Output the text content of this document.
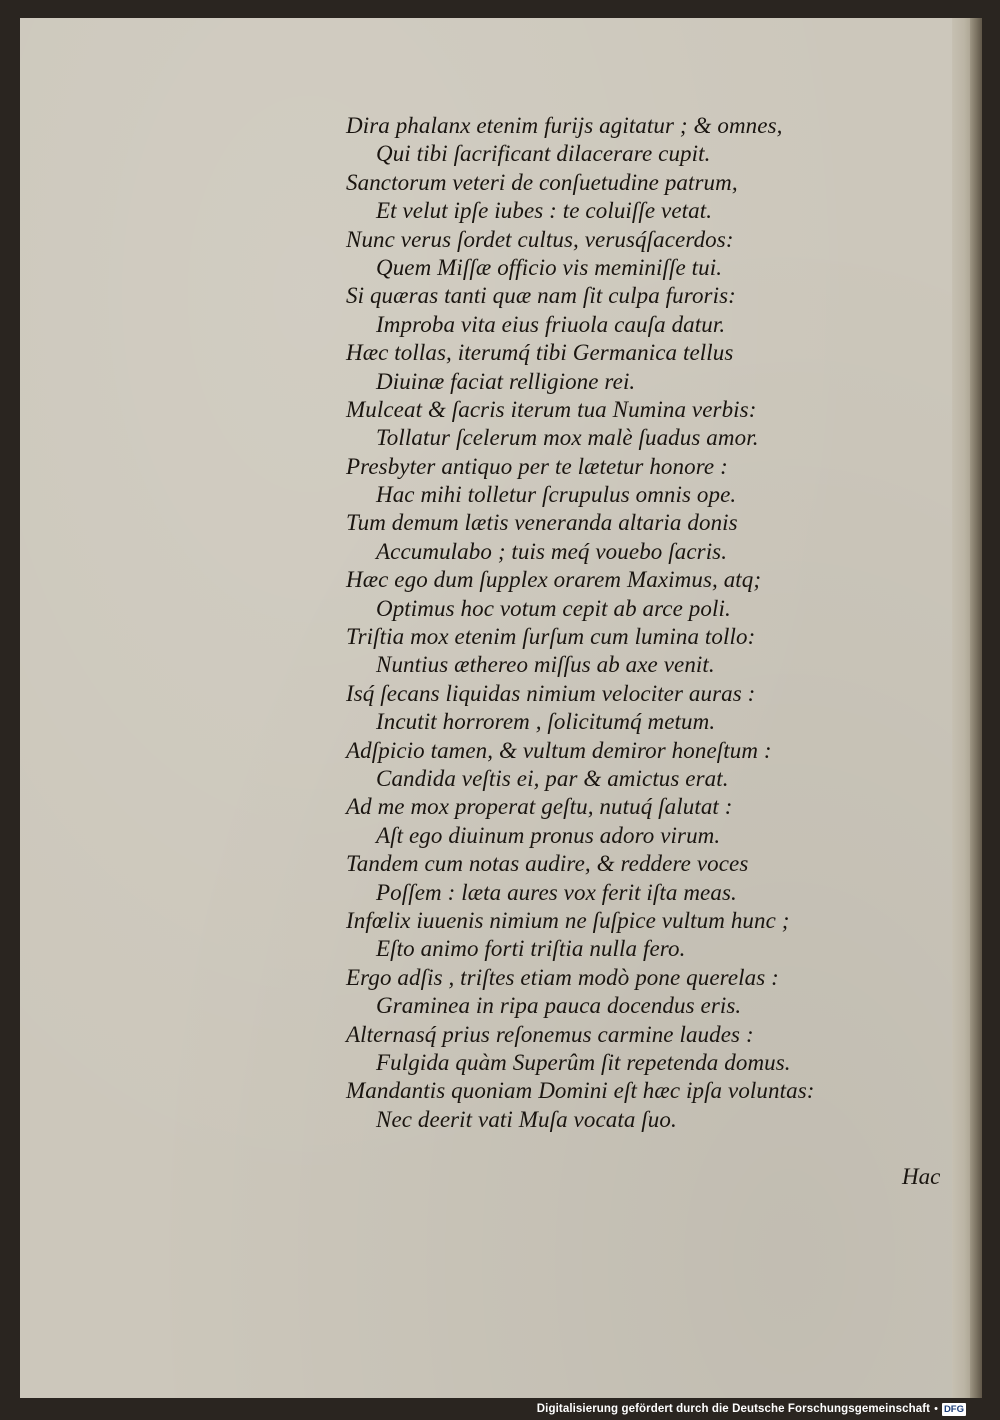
Dira phalanx etenim furijs agitatur ; & omnes,
Qui tibi ſacrificant dilacerare cupit.
Sanctorum veteri de conſuetudine patrum,
Et velut ipſe iubes : te coluiſſe vetat.
Nunc verus ſordet cultus, verusq́ſacerdos:
Quem Miſſæ officio vis meminiſſe tui.
Si quæras tanti quæ nam ſit culpa furoris:
Improba vita eius friuola cauſa datur.
Hæc tollas, iterumq́ tibi Germanica tellus
Diuinæ faciat relligione rei.
Mulceat & ſacris iterum tua Numina verbis:
Tollatur ſcelerum mox malè ſuadus amor.
Presbyter antiquo per te lætetur honore :
Hac mihi tolletur ſcrupulus omnis ope.
Tum demum lætis veneranda altaria donis
Accumulabo ; tuis meq́ vouebo ſacris.
Hæc ego dum ſupplex orarem Maximus, atq;
Optimus hoc votum cepit ab arce poli.
Triſtia mox etenim ſurſum cum lumina tollo:
Nuntius æthereo miſſus ab axe venit.
Isq́ ſecans liquidas nimium velociter auras :
Incutit horrorem , ſolicitumq́ metum.
Adſpicio tamen, & vultum demiror honeſtum :
Candida veſtis ei, par & amictus erat.
Ad me mox properat geſtu, nutuq́ ſalutat :
Aſt ego diuinum pronus adoro virum.
Tandem cum notas audire, & reddere voces
Poſſem : læta aures vox ferit iſta meas.
Infœlix iuuenis nimium ne ſuſpice vultum hunc ;
Eſto animo forti triſtia nulla fero.
Ergo adſis , triſtes etiam modò pone querelas :
Graminea in ripa pauca docendus eris.
Alternasq́ prius reſonemus carmine laudes :
Fulgida quàm Superûm ſit repetenda domus.
Mandantis quoniam Domini eſt hæc ipſa voluntas:
Nec deerit vati Muſa vocata ſuo.
Hac
Digitalisierung gefördert durch die Deutsche Forschungsgemeinschaft • DFG
